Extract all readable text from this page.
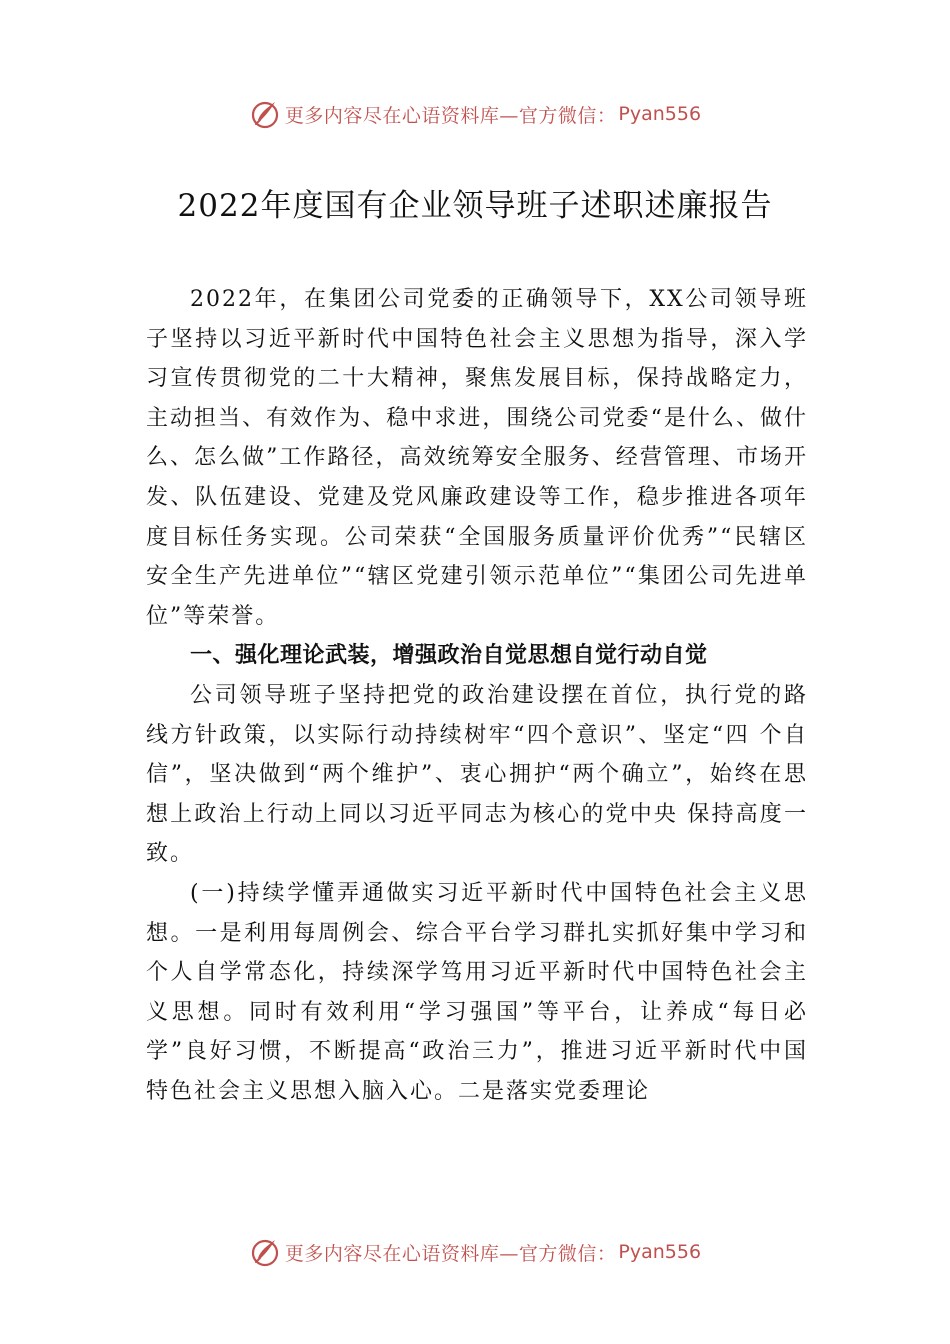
更多内容尽在心语资料库—官方微信： Pyan556
2022年度国有企业领导班子述职述廉报告

2022年，在集团公司党委的正确领导下，XX公司领导班子坚持以习近平新时代中国特色社会主义思想为指导，深入学习宣传贯彻党的二十大精神，聚焦发展目标，保持战略定力，主动担当、有效作为、稳中求进，围绕公司党委“是什么、做什么、怎么做”工作路径，高效统筹安全服务、经营管理、市场开发、队伍建设、党建及党风廉政建设等工作，稳步推进各项年度目标任务实现。公司荣获“全国服务质量评价优秀”“民辖区安全生产先进单位”“辖区党建引领示范单位”“集团公司先进单位”等荣誉。

一、强化理论武装，增强政治自觉思想自觉行动自觉

公司领导班子坚持把党的政治建设摆在首位，执行党的路线方针政策，以实际行动持续树牢“四个意识”、坚定“四 个自信”，坚决做到“两个维护”、衷心拥护“两个确立”，始终在思想上政治上行动上同以习近平同志为核心的党中央 保持高度一致。

(一)持续学懂弄通做实习近平新时代中国特色社会主义思想。一是利用每周例会、综合平台学习群扎实抓好集中学习和个人自学常态化，持续深学笃用习近平新时代中国特色社会主义思想。同时有效利用“学习强国”等平台，让养成“每日必学”良好习惯，不断提高“政治三力”，推进习近平新时代中国特色社会主义思想入脑入心。二是落实党委理论

更多内容尽在心语资料库—官方微信： Pyan556
